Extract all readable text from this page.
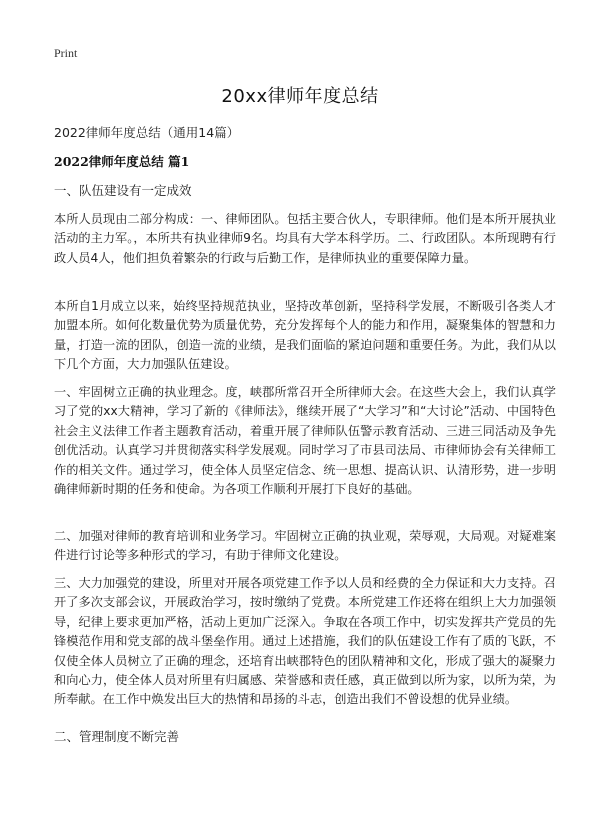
Print
20xx律师年度总结
2022律师年度总结（通用14篇）
2022律师年度总结 篇1
一、队伍建设有一定成效

本所人员现由二部分构成：一、律师团队。包括主要合伙人，专职律师。他们是本所开展执业活动的主力军。，本所共有执业律师9名。均具有大学本科学历。二、行政团队。本所现聘有行政人员4人，他们担负着繁杂的行政与后勤工作，是律师执业的重要保障力量。

本所自1月成立以来，始终坚持规范执业，坚持改革创新，坚持科学发展，不断吸引各类人才加盟本所。如何化数量优势为质量优势，充分发挥每个人的能力和作用，凝聚集体的智慧和力量，打造一流的团队，创造一流的业绩，是我们面临的紧迫问题和重要任务。为此，我们从以下几个方面，大力加强队伍建设。

一、牢固树立正确的执业理念。度，峡郡所常召开全所律师大会。在这些大会上，我们认真学习了党的xx大精神，学习了新的《律师法》，继续开展了“大学习”和“大讨论”活动、中国特色社会主义法律工作者主题教育活动，着重开展了律师队伍警示教育活动、三进三同活动及争先创优活动。认真学习并贯彻落实科学发展观。同时学习了市县司法局、市律师协会有关律师工作的相关文件。通过学习，使全体人员坚定信念、统一思想、提高认识、认清形势，进一步明确律师新时期的任务和使命。为各项工作顺利开展打下良好的基础。

二、加强对律师的教育培训和业务学习。牢固树立正确的执业观，荣辱观，大局观。对疑难案件进行讨论等多种形式的学习，有助于律师文化建设。

三、大力加强党的建设，所里对开展各项党建工作予以人员和经费的全力保证和大力支持。召开了多次支部会议，开展政治学习，按时缴纳了党费。本所党建工作还将在组织上大力加强领导，纪律上要求更加严格，活动上更加广泛深入。争取在各项工作中，切实发挥共产党员的先锋模范作用和党支部的战斗堡垒作用。通过上述措施，我们的队伍建设工作有了质的飞跃，不仅使全体人员树立了正确的理念，还培育出峡郡特色的团队精神和文化，形成了强大的凝聚力和向心力，使全体人员对所里有归属感、荣誉感和责任感，真正做到以所为家，以所为荣，为所奉献。在工作中焕发出巨大的热情和昂扬的斗志，创造出我们不曾设想的优异业绩。

二、管理制度不断完善
